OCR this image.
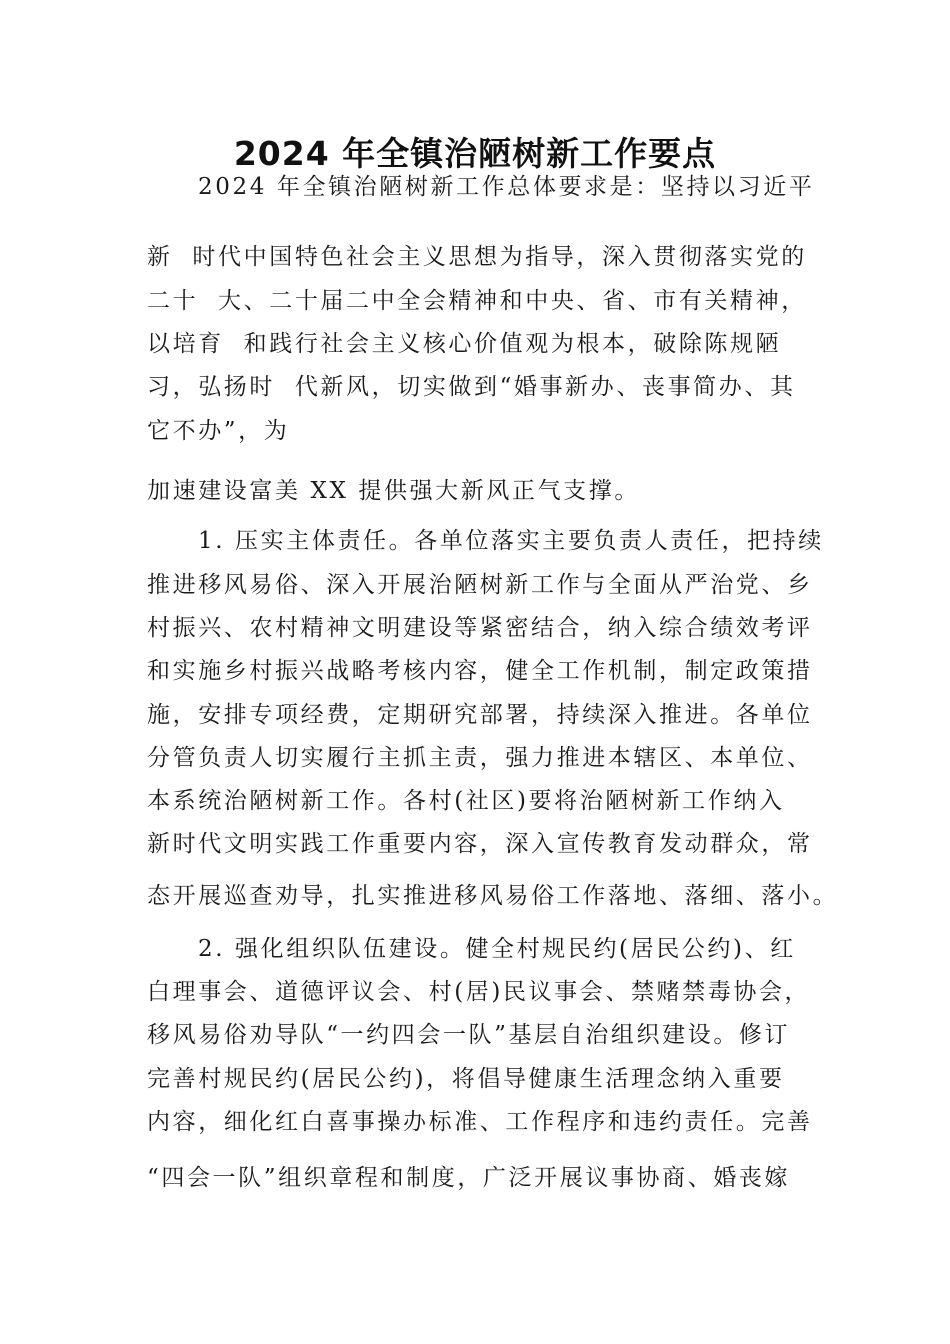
2024 年全镇治陋树新工作要点

2024 年全镇治陋树新工作总体要求是：坚持以习近平

新  时代中国特色社会主义思想为指导，深入贯彻落实党的

二十  大、二十届二中全会精神和中央、省、市有关精神，

以培育  和践行社会主义核心价值观为根本，破除陈规陋

习，弘扬时  代新风，切实做到“婚事新办、丧事简办、其

它不办”，为

加速建设富美 XX 提供强大新风正气支撑。

1. 压实主体责任。各单位落实主要负责人责任，把持续

推进移风易俗、深入开展治陋树新工作与全面从严治党、乡

村振兴、农村精神文明建设等紧密结合，纳入综合绩效考评

和实施乡村振兴战略考核内容，健全工作机制，制定政策措

施，安排专项经费，定期研究部署，持续深入推进。各单位

分管负责人切实履行主抓主责，强力推进本辖区、本单位、

本系统治陋树新工作。各村(社区)要将治陋树新工作纳入

新时代文明实践工作重要内容，深入宣传教育发动群众，常

态开展巡查劝导，扎实推进移风易俗工作落地、落细、落小。

2. 强化组织队伍建设。健全村规民约(居民公约)、红

白理事会、道德评议会、村(居)民议事会、禁赌禁毒协会，

移风易俗劝导队“一约四会一队”基层自治组织建设。修订

完善村规民约(居民公约)，将倡导健康生活理念纳入重要

内容，细化红白喜事操办标准、工作程序和违约责任。完善

“四会一队”组织章程和制度，广泛开展议事协商、婚丧嫁
